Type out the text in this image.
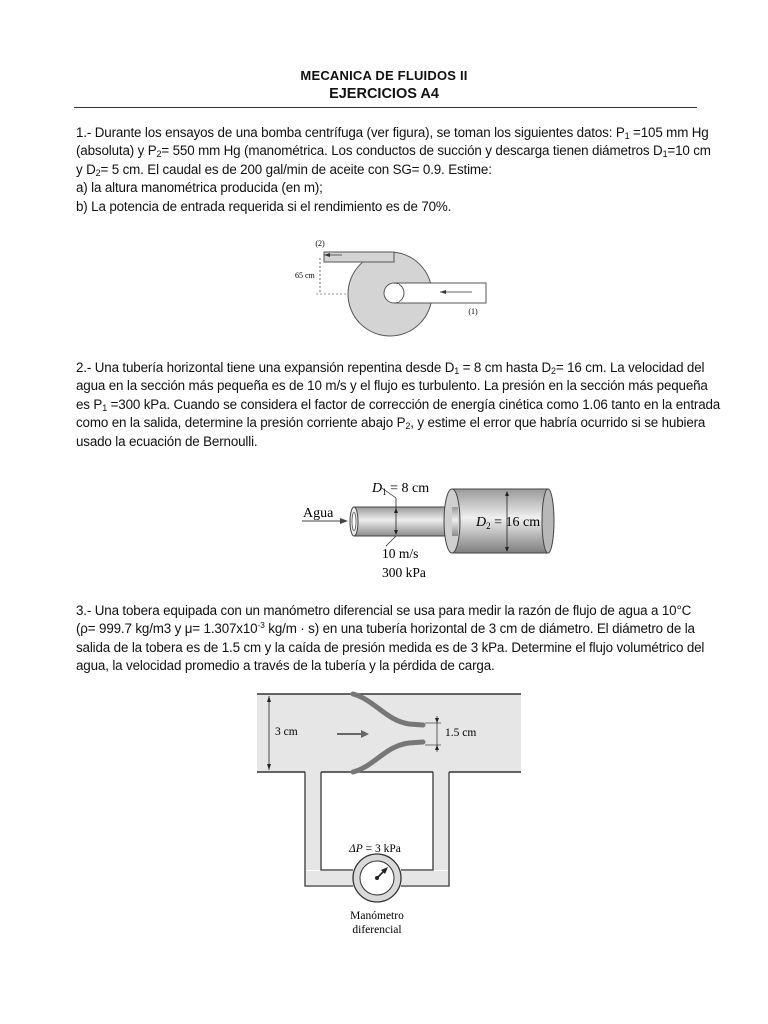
MECANICA DE FLUIDOS II
EJERCICIOS A4

1.- Durante los ensayos de una bomba centrífuga (ver figura), se toman los siguientes datos: $P_1 =105$ mm Hg

(absoluta) y $P_2= 550$ mm Hg (manométrica. Los conductos de succión y descarga tienen diámetros $D_1=10$ cm

y $D_2= 5$ cm. El caudal es de 200 gal/min de aceite con SG= 0.9. Estime:

a) la altura manométrica producida (en m);

b) La potencia de entrada requerida si el rendimiento es de 70%.

(2)
65 cm
(1)

2.- Una tubería horizontal tiene una expansión repentina desde $D_1 = 8$ cm hasta $D_2= 16$ cm. La velocidad del

agua en la sección más pequeña es de 10 m/s y el flujo es turbulento. La presión en la sección más pequeña

es $P_1 =300$ kPa. Cuando se considera el factor de corrección de energía cinética como 1.06 tanto en la entrada

como en la salida, determine la presión corriente abajo $P_2$, y estime el error que habría ocurrido si se hubiera

usado la ecuación de Bernoulli.

$D_1 = 8$ cm
Agua
$D_2 = 16$ cm
10 m/s
300 kPa

3.- Una tobera equipada con un manómetro diferencial se usa para medir la razón de flujo de agua a 10°C

(ρ= 999.7 kg/m3 y $\mu= 1.307x10^{-3}$ kg/m · s) en una tubería horizontal de 3 cm de diámetro. El diámetro de la

salida de la tobera es de 1.5 cm y la caída de presión medida es de 3 kPa. Determine el flujo volumétrico del

agua, la velocidad promedio a través de la tubería y la pérdida de carga.

3 cm	1.5 cm
ΔP = 3 kPa
Manómetro
diferencial
